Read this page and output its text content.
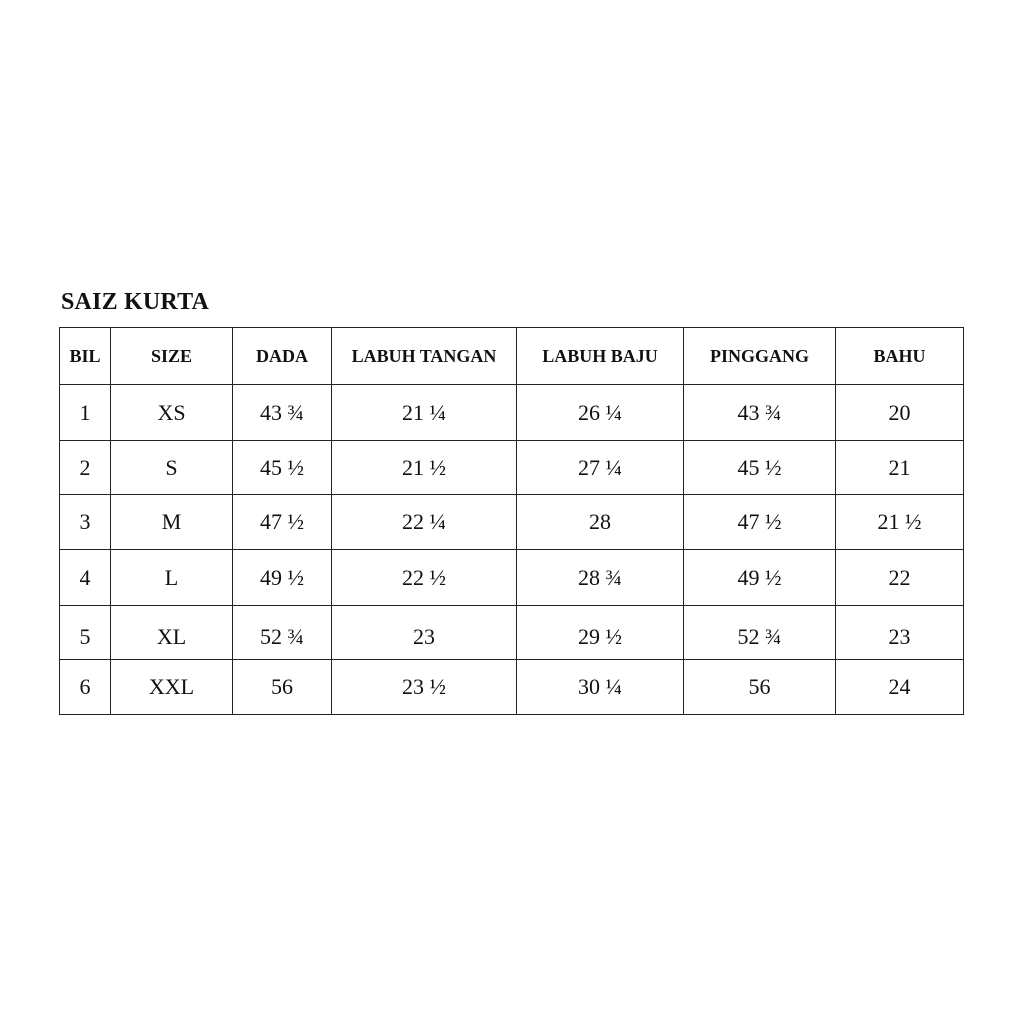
SAIZ KURTA
BIL	SIZE	DADA	LABUH TANGAN	LABUH BAJU	PINGGANG	BAHU
1	XS	43 ¾	21 ¼	26 ¼	43 ¾	20
2	S	45 ½	21 ½	27 ¼	45 ½	21
3	M	47 ½	22 ¼	28	47 ½	21 ½
4	L	49 ½	22 ½	28 ¾	49 ½	22
5	XL	52 ¾	23	29 ½	52 ¾	23
6	XXL	56	23 ½	30 ¼	56	24
